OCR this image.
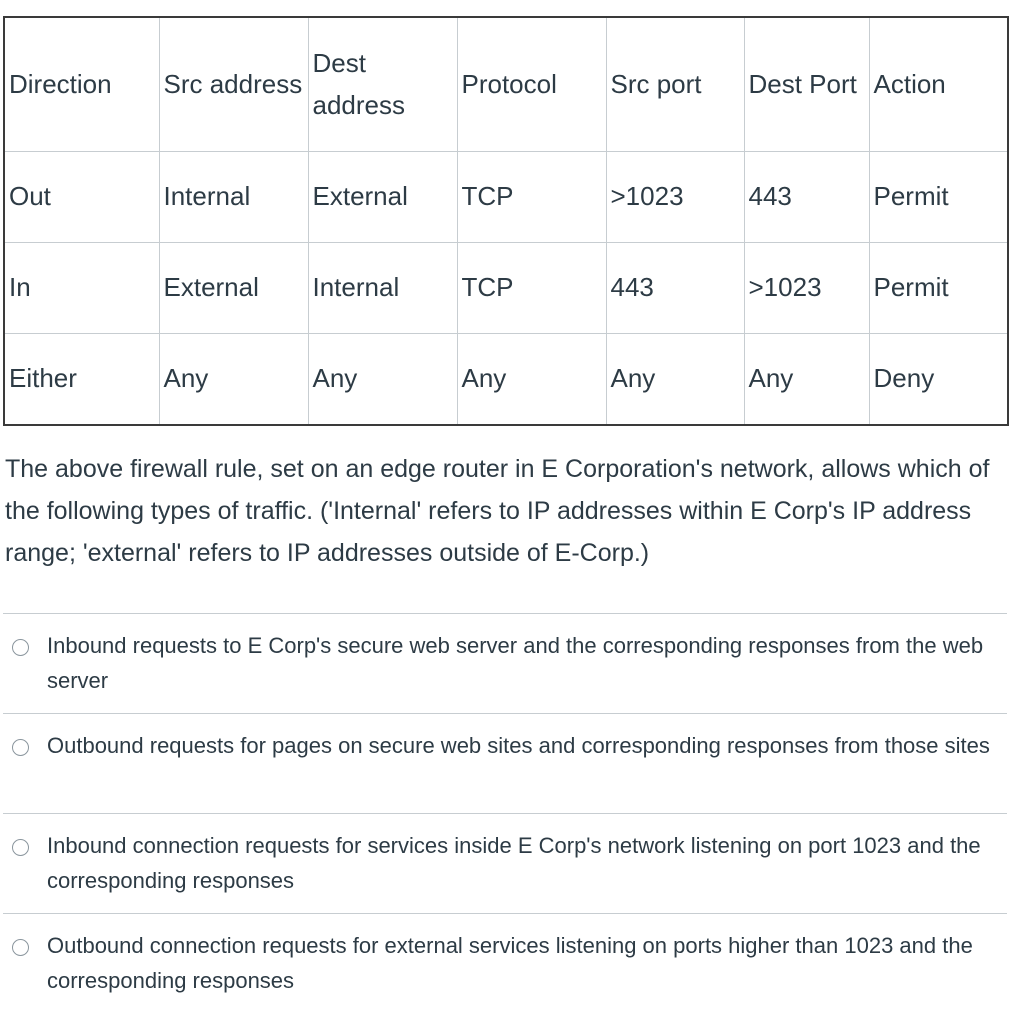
Direction	Src address	Dest address	Protocol	Src port	Dest Port	Action
Out	Internal	External	TCP	>1023	443	Permit
In	External	Internal	TCP	443	>1023	Permit
Either	Any	Any	Any	Any	Any	Deny

The above firewall rule, set on an edge router in E Corporation's network, allows which of the following types of traffic. ('Internal' refers to IP addresses within E Corp's IP address range; 'external' refers to IP addresses outside of E-Corp.)

Inbound requests to E Corp's secure web server and the corresponding responses from the web server
Outbound requests for pages on secure web sites and corresponding responses from those sites
Inbound connection requests for services inside E Corp's network listening on port 1023 and the corresponding responses
Outbound connection requests for external services listening on ports higher than 1023 and the corresponding responses
